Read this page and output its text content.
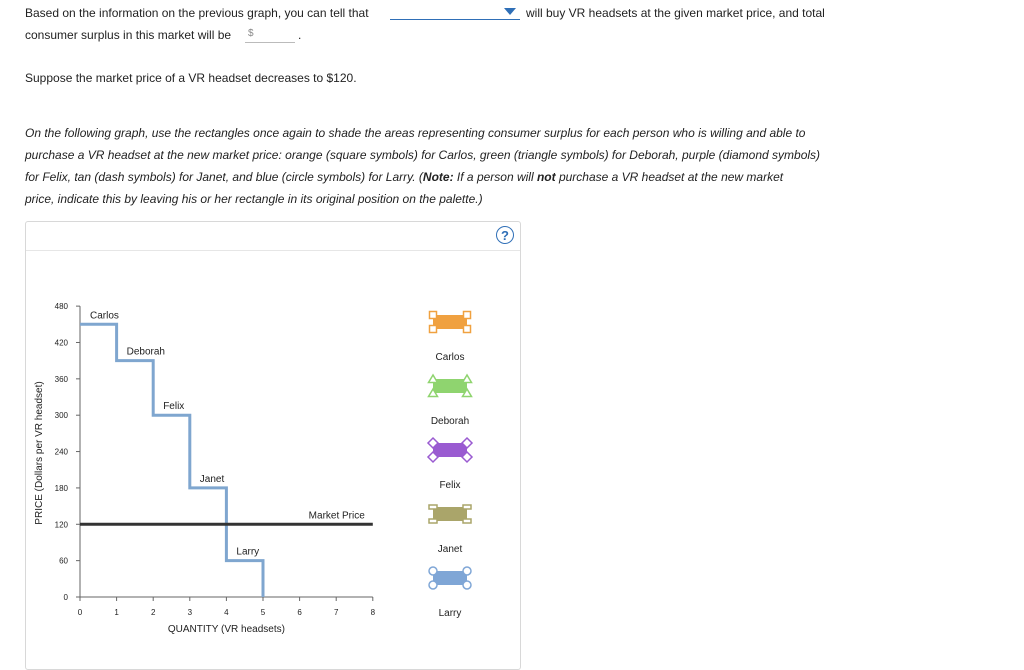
Based on the information on the previous graph, you can tell that	will buy VR headsets at the given market price, and total
consumer surplus in this market will be $	.
Suppose the market price of a VR headset decreases to $120.
On the following graph, use the rectangles once again to shade the areas representing consumer surplus for each person who is willing and able to
purchase a VR headset at the new market price: orange (square symbols) for Carlos, green (triangle symbols) for Deborah, purple (diamond symbols)
for Felix, tan (dash symbols) for Janet, and blue (circle symbols) for Larry. (Note: If a person will not purchase a VR headset at the new market
price, indicate this by leaving his or her rectangle in its original position on the palette.)
?
0
60
120
180
240
300
360
420
480
0	1	2	3	4	5	6	7	8
Carlos
Deborah
Felix
Janet
Larry
Market Price
QUANTITY (VR headsets)
PRICE (Dollars per VR headset)
Carlos
Deborah
Felix
Janet
Larry
